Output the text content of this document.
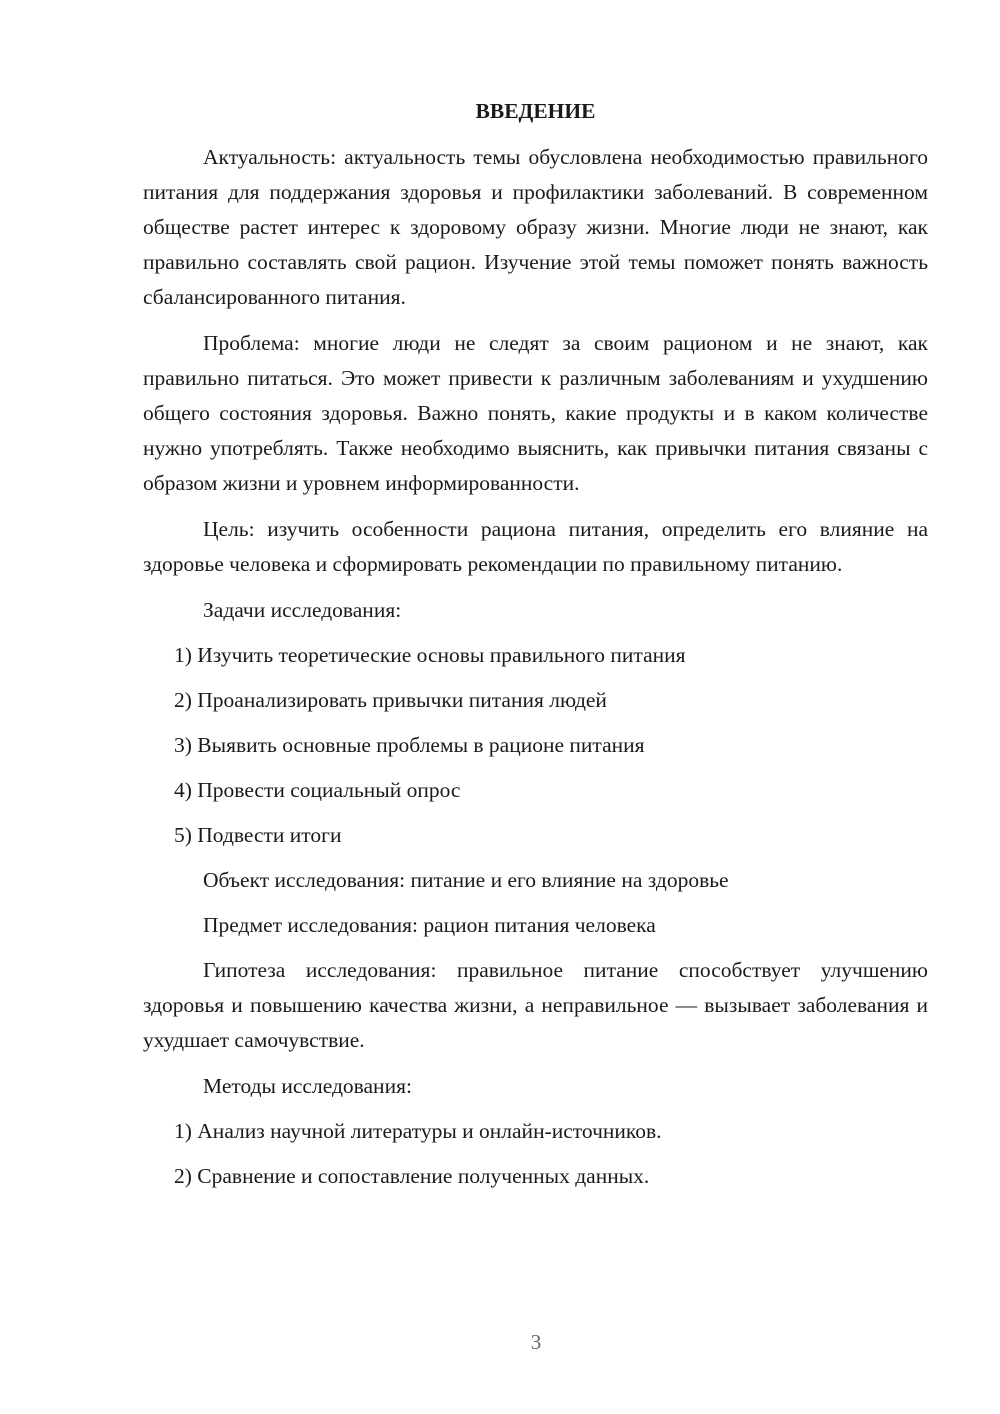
ВВЕДЕНИЕ

Актуальность: актуальность темы обусловлена необходимостью правильного питания для поддержания здоровья и профилактики заболеваний. В современном обществе растет интерес к здоровому образу жизни. Многие люди не знают, как правильно составлять свой рацион. Изучение этой темы поможет понять важность сбалансированного питания.

Проблема: многие люди не следят за своим рационом и не знают, как правильно питаться. Это может привести к различным заболеваниям и ухудшению общего состояния здоровья. Важно понять, какие продукты и в каком количестве нужно употреблять. Также необходимо выяснить, как привычки питания связаны с образом жизни и уровнем информированности.

Цель: изучить особенности рациона питания, определить его влияние на здоровье человека и сформировать рекомендации по правильному питанию.

Задачи исследования:
1) Изучить теоретические основы правильного питания
2) Проанализировать привычки питания людей
3) Выявить основные проблемы в рационе питания
4) Провести социальный опрос
5) Подвести итоги
Объект исследования: питание и его влияние на здоровье
Предмет исследования: рацион питания человека

Гипотеза исследования: правильное питание способствует улучшению здоровья и повышению качества жизни, а неправильное — вызывает заболевания и ухудшает самочувствие.

Методы исследования:
1) Анализ научной литературы и онлайн-источников.
2) Сравнение и сопоставление полученных данных.
3
